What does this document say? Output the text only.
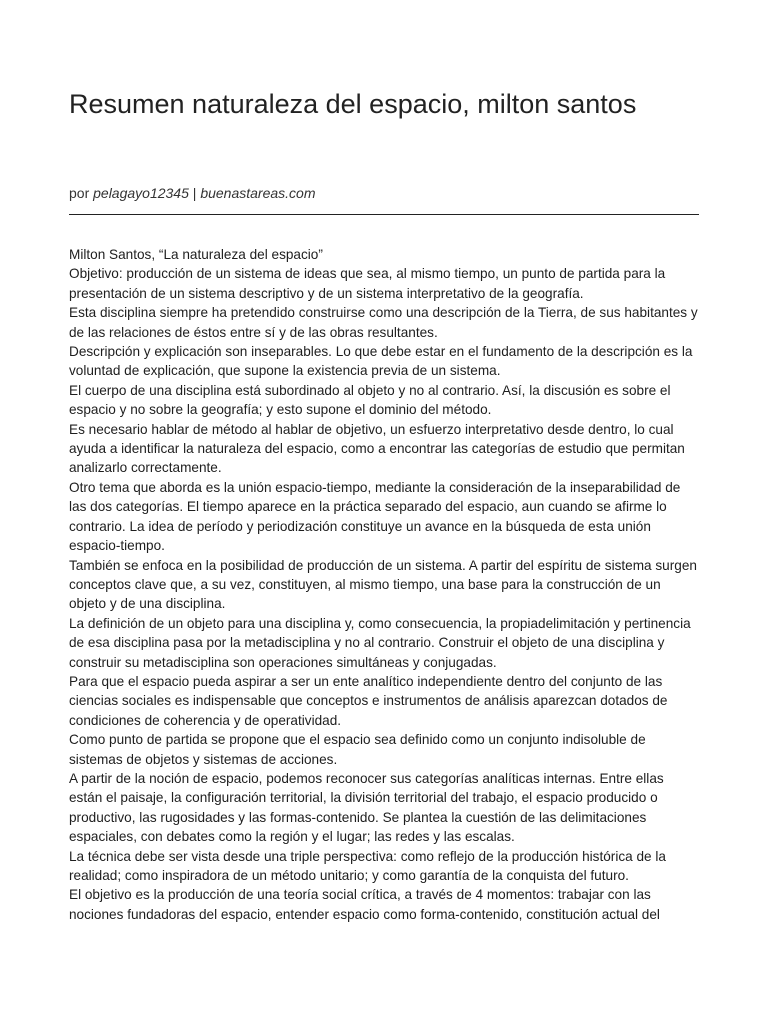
Resumen naturaleza del espacio, milton santos
por pelagayo12345 | buenastareas.com

Milton Santos, “La naturaleza del espacio”

Objetivo: producción de un sistema de ideas que sea, al mismo tiempo, un punto de partida para la presentación de un sistema descriptivo y de un sistema interpretativo de la geografía.

Esta disciplina siempre ha pretendido construirse como una descripción de la Tierra, de sus habitantes y de las relaciones de éstos entre sí y de las obras resultantes.

Descripción y explicación son inseparables. Lo que debe estar en el fundamento de la descripción es la voluntad de explicación, que supone la existencia previa de un sistema.

El cuerpo de una disciplina está subordinado al objeto y no al contrario. Así, la discusión es sobre el espacio y no sobre la geografía; y esto supone el dominio del método.

Es necesario hablar de método al hablar de objetivo, un esfuerzo interpretativo desde dentro, lo cual ayuda a identificar la naturaleza del espacio, como a encontrar las categorías de estudio que permitan analizarlo correctamente.

Otro tema que aborda es la unión espacio-tiempo, mediante la consideración de la inseparabilidad de las dos categorías. El tiempo aparece en la práctica separado del espacio, aun cuando se afirme lo contrario. La idea de período y periodización constituye un avance en la búsqueda de esta unión espacio-tiempo.

También se enfoca en la posibilidad de producción de un sistema. A partir del espíritu de sistema surgen conceptos clave que, a su vez, constituyen, al mismo tiempo, una base para la construcción de un objeto y de una disciplina.

La definición de un objeto para una disciplina y, como consecuencia, la propiadelimitación y pertinencia de esa disciplina pasa por la metadisciplina y no al contrario. Construir el objeto de una disciplina y construir su metadisciplina son operaciones simultáneas y conjugadas.

Para que el espacio pueda aspirar a ser un ente analítico independiente dentro del conjunto de las ciencias sociales es indispensable que conceptos e instrumentos de análisis aparezcan dotados de condiciones de coherencia y de operatividad.

Como punto de partida se propone que el espacio sea definido como un conjunto indisoluble de sistemas de objetos y sistemas de acciones.

A partir de la noción de espacio, podemos reconocer sus categorías analíticas internas. Entre ellas están el paisaje, la configuración territorial, la división territorial del trabajo, el espacio producido o productivo, las rugosidades y las formas-contenido. Se plantea la cuestión de las delimitaciones espaciales, con debates como la región y el lugar; las redes y las escalas.

La técnica debe ser vista desde una triple perspectiva: como reflejo de la producción histórica de la realidad; como inspiradora de un método unitario; y como garantía de la conquista del futuro.

El objetivo es la producción de una teoría social crítica, a través de 4 momentos: trabajar con las nociones fundadoras del espacio, entender espacio como forma-contenido, constitución actual del
